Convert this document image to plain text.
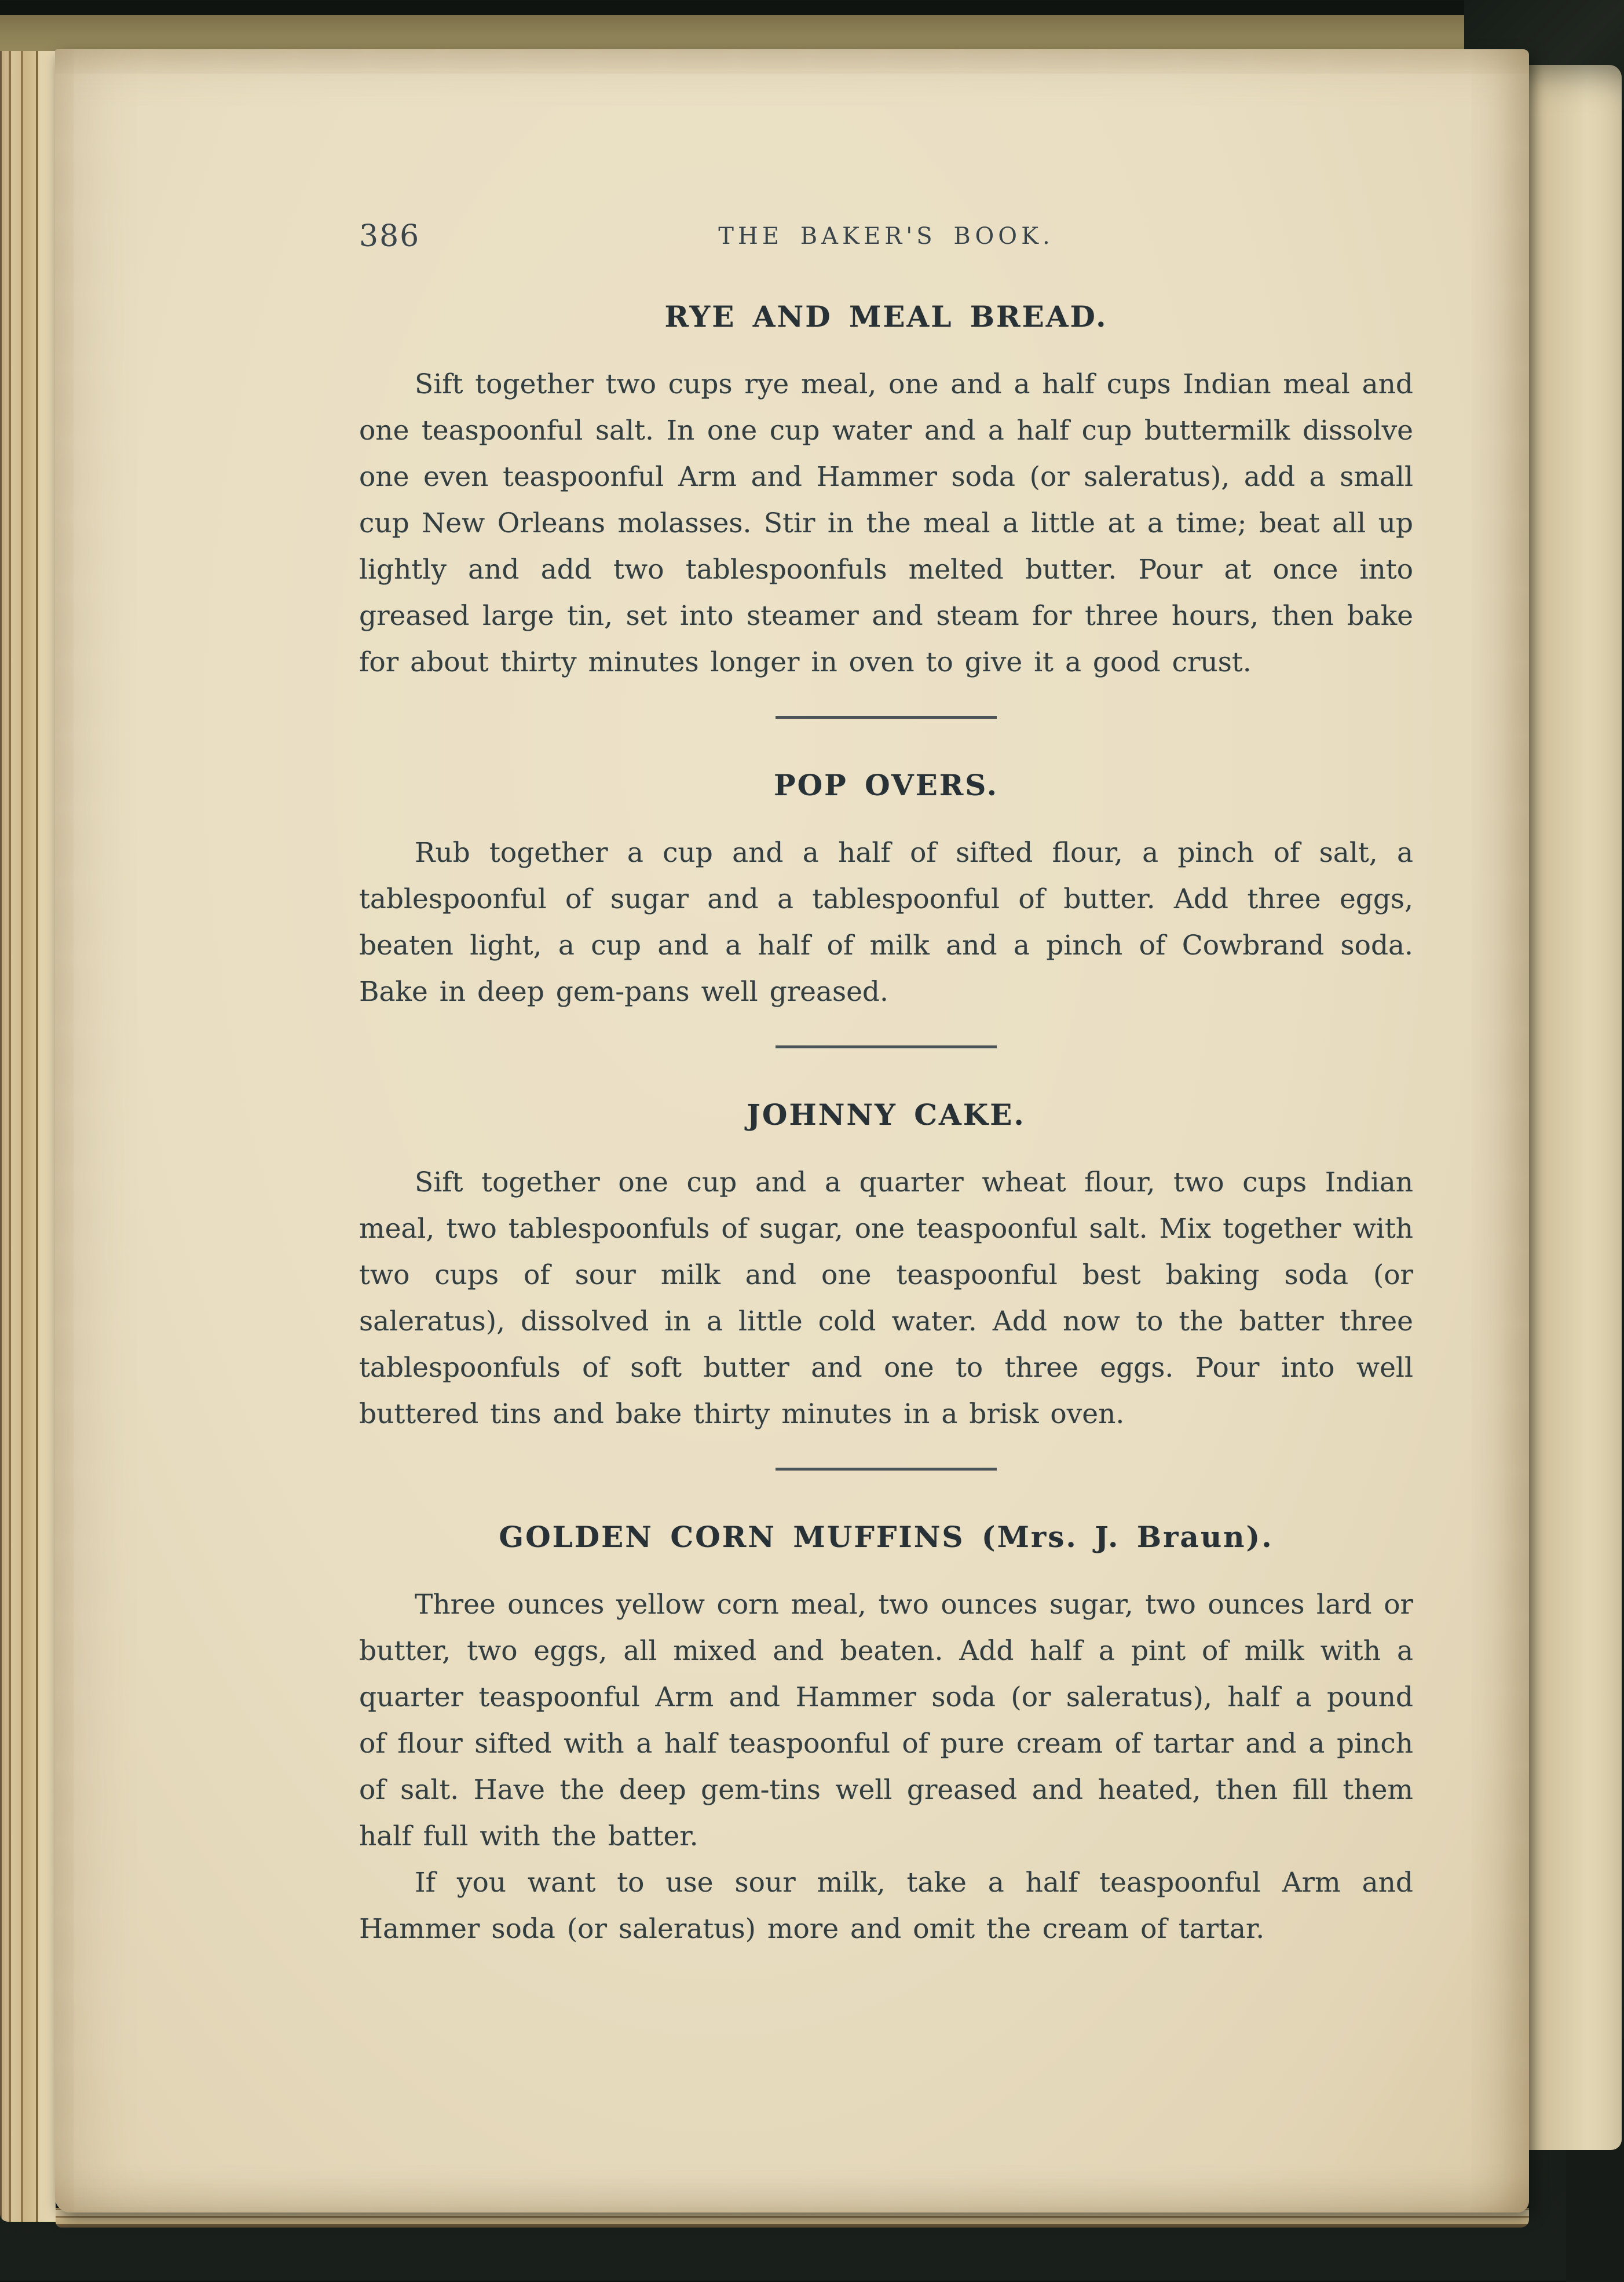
386	THE BAKER'S BOOK.
RYE AND MEAL BREAD.

Sift together two cups rye meal, one and a half cups Indian meal and one teaspoonful salt. In one cup water and a half cup buttermilk dissolve one even teaspoonful Arm and Hammer soda (or saleratus), add a small cup New Orleans molasses. Stir in the meal a little at a time; beat all up lightly and add two tablespoonfuls melted butter. Pour at once into greased large tin, set into steamer and steam for three hours, then bake for about thirty minutes longer in oven to give it a good crust.

POP OVERS.

Rub together a cup and a half of sifted flour, a pinch of salt, a tablespoonful of sugar and a tablespoonful of butter. Add three eggs, beaten light, a cup and a half of milk and a pinch of Cowbrand soda. Bake in deep gem-pans well greased.

JOHNNY CAKE.

Sift together one cup and a quarter wheat flour, two cups Indian meal, two tablespoonfuls of sugar, one teaspoonful salt. Mix together with two cups of sour milk and one teaspoonful best baking soda (or saleratus), dissolved in a little cold water. Add now to the batter three tablespoonfuls of soft butter and one to three eggs. Pour into well buttered tins and bake thirty minutes in a brisk oven.

GOLDEN CORN MUFFINS (Mrs. J. Braun).

Three ounces yellow corn meal, two ounces sugar, two ounces lard or butter, two eggs, all mixed and beaten. Add half a pint of milk with a quarter teaspoonful Arm and Hammer soda (or saleratus), half a pound of flour sifted with a half teaspoonful of pure cream of tartar and a pinch of salt. Have the deep gem-tins well greased and heated, then fill them half full with the batter.

If you want to use sour milk, take a half teaspoonful Arm and Hammer soda (or saleratus) more and omit the cream of tartar.
